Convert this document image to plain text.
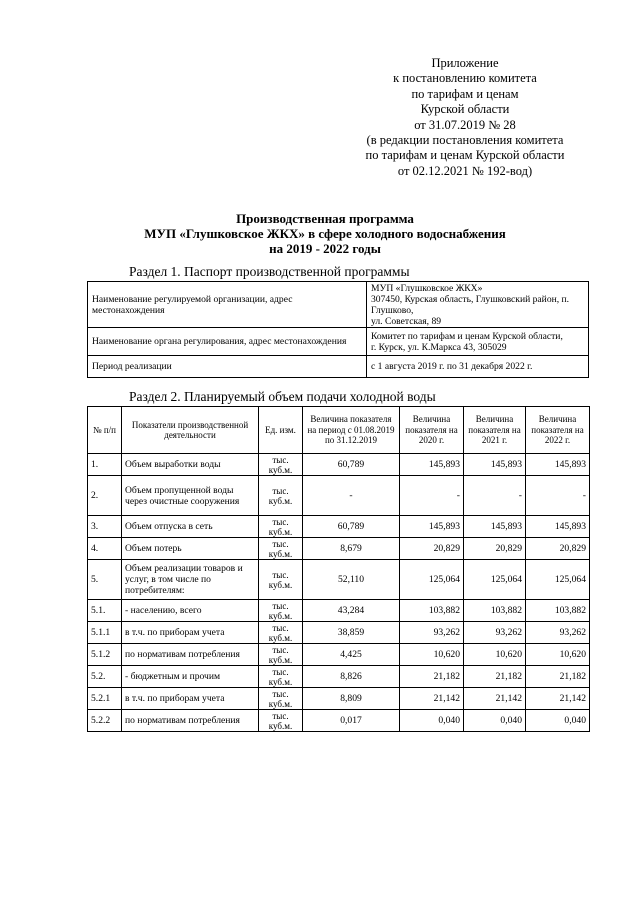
Приложение
к постановлению комитета
по тарифам и ценам
Курской области
от 31.07.2019 № 28
(в редакции постановления комитета
по тарифам и ценам Курской области
от 02.12.2021 № 192-вод)
Производственная программа
МУП «Глушковское ЖКХ» в сфере холодного водоснабжения
на 2019 - 2022 годы
Раздел 1. Паспорт производственной программы
Наименование регулируемой организации, адрес местонахождения	МУП «Глушковское ЖКХ»
307450, Курская область, Глушковский район, п. Глушково,
ул. Советская, 89

Наименование органа регулирования, адрес местонахождения	Комитет по тарифам и ценам Курской области,
г. Курск, ул. К.Маркса 43, 305029

Период реализации	с 1 августа 2019 г. по 31 декабря 2022 г.
Раздел 2. Планируемый объем подачи холодной воды
№ п/п	Показатели производственной деятельности	Ед. изм.	Величина показателя на период с 01.08.2019 по 31.12.2019	Величина показателя на 2020 г.	Величина показателя на 2021 г.	Величина показателя на 2022 г.
1.	Объем выработки воды	тыс. куб.м.	60,789	145,893	145,893	145,893
2.	Объем пропущенной воды через очистные сооружения	тыс. куб.м.	-	-	-	-
3.	Объем отпуска в сеть	тыс. куб.м.	60,789	145,893	145,893	145,893
4.	Объем потерь	тыс. куб.м.	8,679	20,829	20,829	20,829
5.	Объем реализации товаров и услуг, в том числе по потребителям:	тыс. куб.м.	52,110	125,064	125,064	125,064
5.1.	- населению, всего	тыс. куб.м.	43,284	103,882	103,882	103,882
5.1.1	в т.ч. по приборам учета	тыс. куб.м.	38,859	93,262	93,262	93,262
5.1.2	по нормативам потребления	тыс. куб.м.	4,425	10,620	10,620	10,620
5.2.	- бюджетным и прочим	тыс. куб.м.	8,826	21,182	21,182	21,182
5.2.1	в т.ч. по приборам учета	тыс. куб.м.	8,809	21,142	21,142	21,142
5.2.2	по нормативам потребления	тыс. куб.м.	0,017	0,040	0,040	0,040
